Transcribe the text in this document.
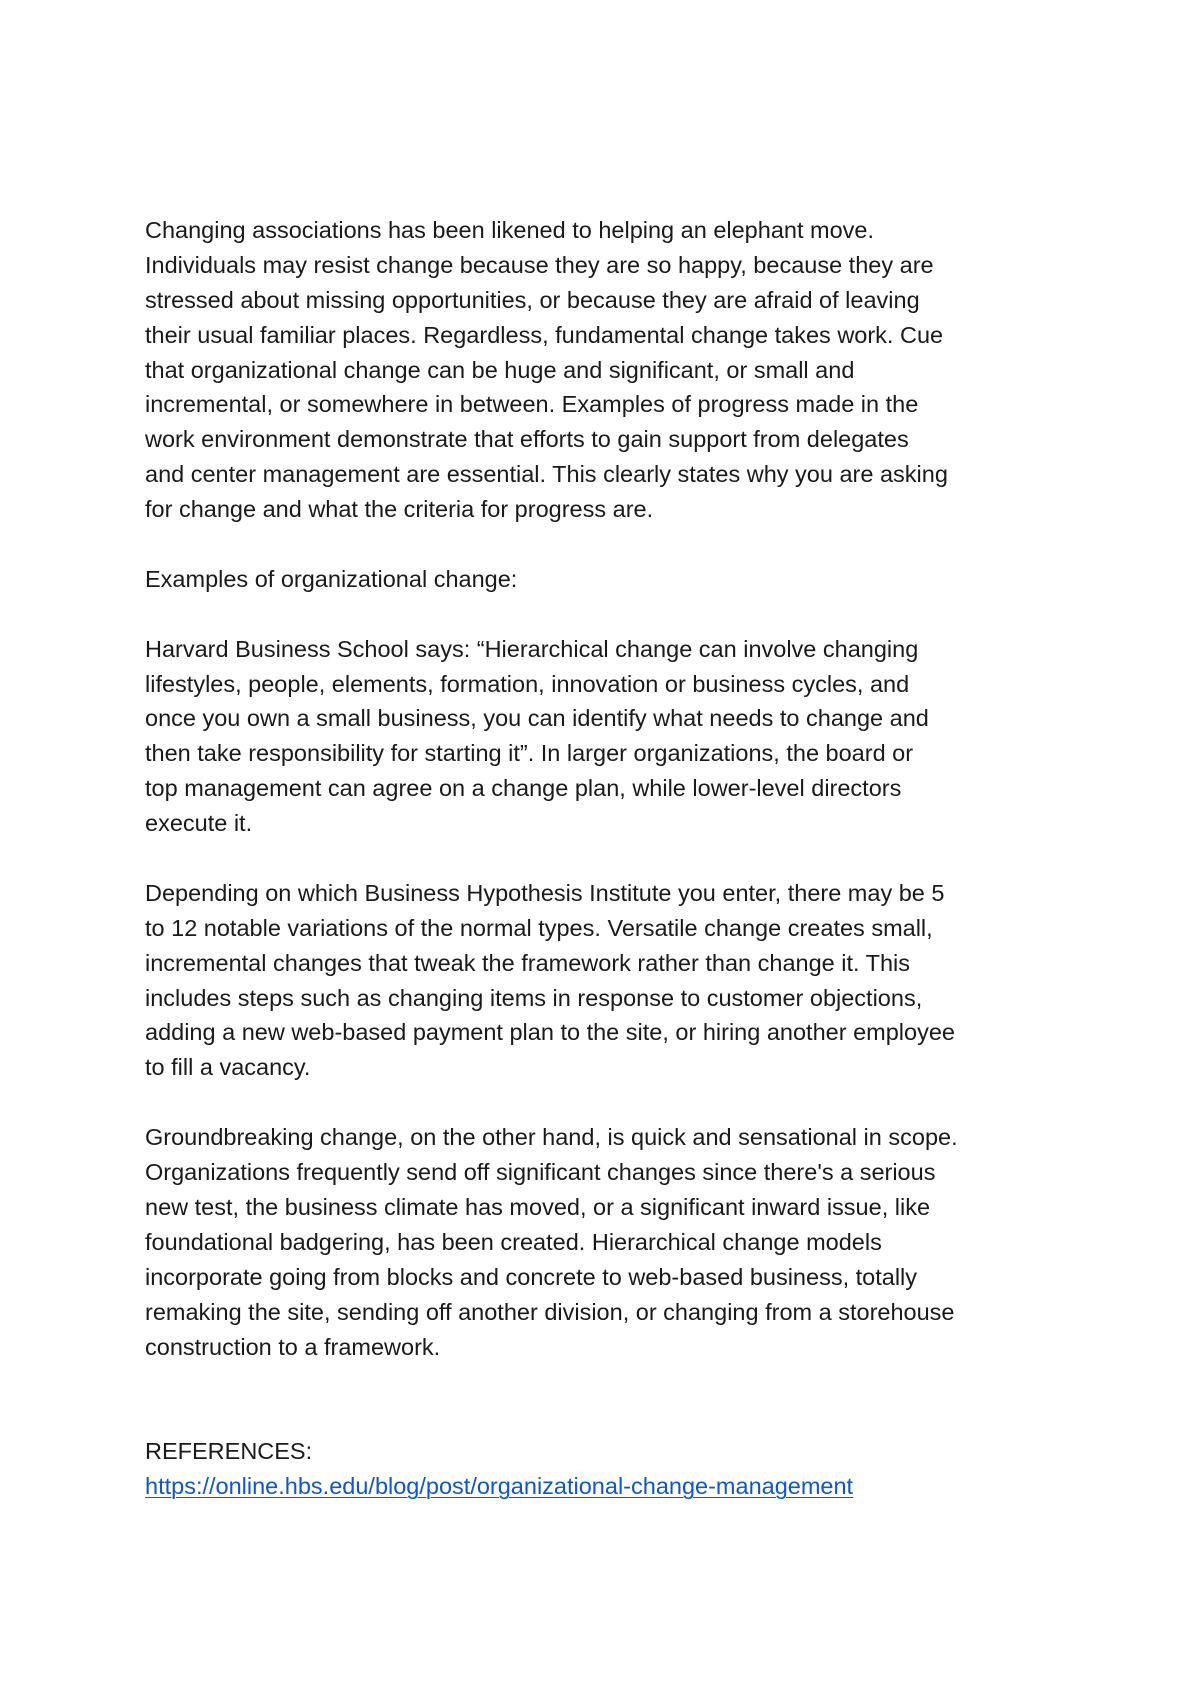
Changing associations has been likened to helping an elephant move.
Individuals may resist change because they are so happy, because they are
stressed about missing opportunities, or because they are afraid of leaving
their usual familiar places. Regardless, fundamental change takes work. Cue
that organizational change can be huge and significant, or small and
incremental, or somewhere in between. Examples of progress made in the
work environment demonstrate that efforts to gain support from delegates
and center management are essential. This clearly states why you are asking
for change and what the criteria for progress are.
Examples of organizational change:
Harvard Business School says: “Hierarchical change can involve changing
lifestyles, people, elements, formation, innovation or business cycles, and
once you own a small business, you can identify what needs to change and
then take responsibility for starting it”. In larger organizations, the board or
top management can agree on a change plan, while lower-level directors
execute it.
Depending on which Business Hypothesis Institute you enter, there may be 5
to 12 notable variations of the normal types. Versatile change creates small,
incremental changes that tweak the framework rather than change it. This
includes steps such as changing items in response to customer objections,
adding a new web-based payment plan to the site, or hiring another employee
to fill a vacancy.
Groundbreaking change, on the other hand, is quick and sensational in scope.
Organizations frequently send off significant changes since there's a serious
new test, the business climate has moved, or a significant inward issue, like
foundational badgering, has been created. Hierarchical change models
incorporate going from blocks and concrete to web-based business, totally
remaking the site, sending off another division, or changing from a storehouse
construction to a framework.
REFERENCES:
https://online.hbs.edu/blog/post/organizational-change-management
